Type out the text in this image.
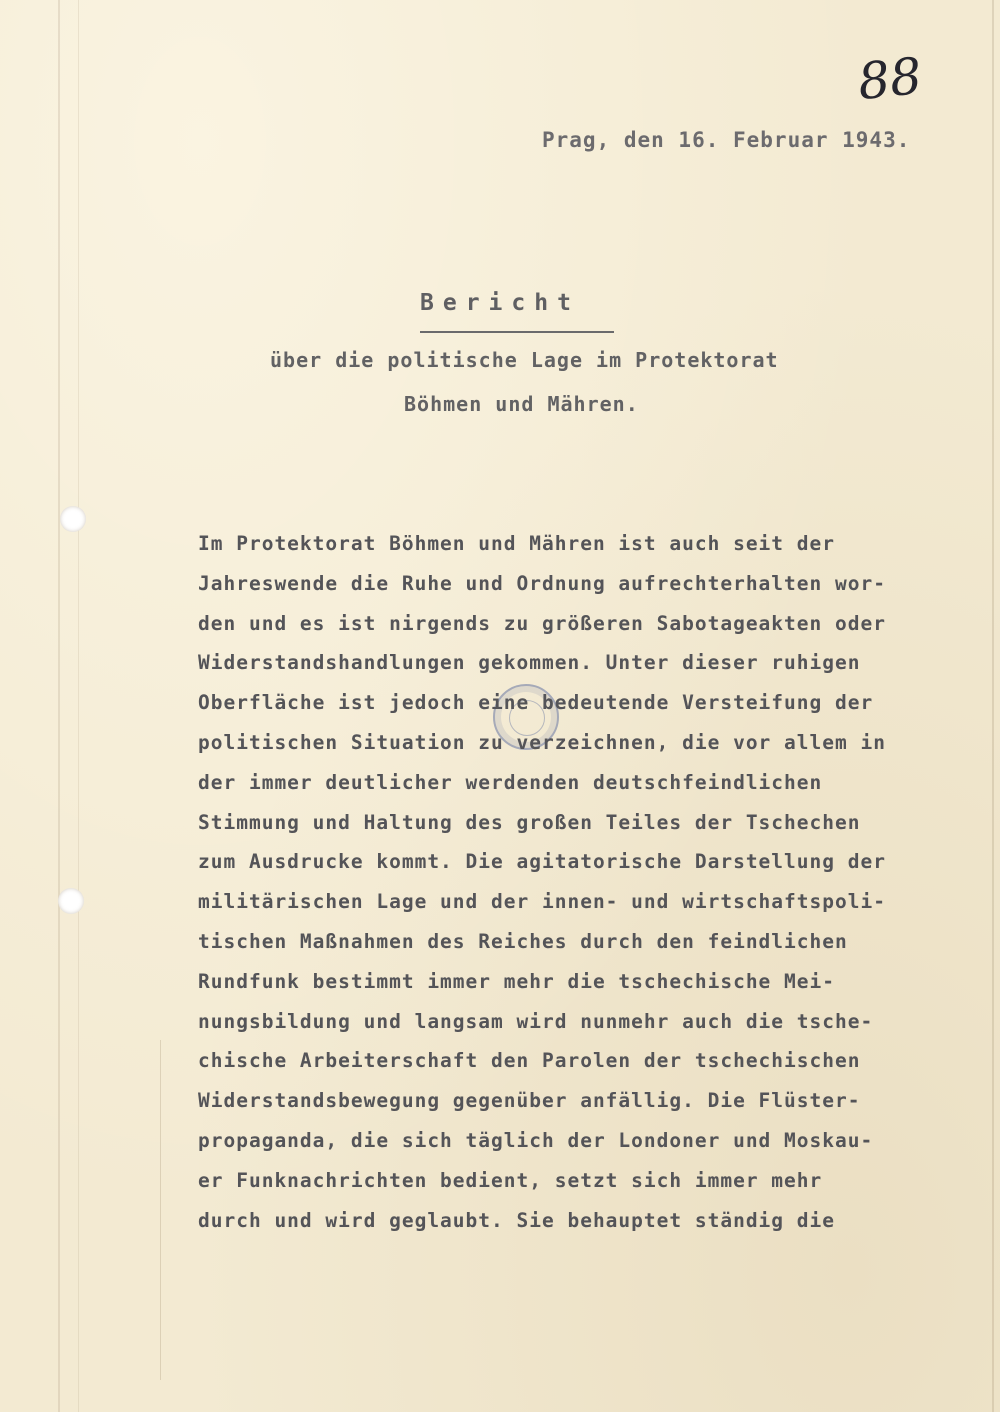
88
Prag, den 16. Februar 1943.
Bericht
über die politische Lage im Protektorat
Böhmen und Mähren.
Im Protektorat Böhmen und Mähren ist auch seit der
Jahreswende die Ruhe und Ordnung aufrechterhalten wor-
den und es ist nirgends zu größeren Sabotageakten oder
Widerstandshandlungen gekommen. Unter dieser ruhigen
Oberfläche ist jedoch eine bedeutende Versteifung der
politischen Situation zu verzeichnen, die vor allem in
der immer deutlicher werdenden deutschfeindlichen
Stimmung und Haltung des großen Teiles der Tschechen
zum Ausdrucke kommt. Die agitatorische Darstellung der
militärischen Lage und der innen- und wirtschaftspoli-
tischen Maßnahmen des Reiches durch den feindlichen
Rundfunk bestimmt immer mehr die tschechische Mei-
nungsbildung und langsam wird nunmehr auch die tsche-
chische Arbeiterschaft den Parolen der tschechischen
Widerstandsbewegung gegenüber anfällig. Die Flüster-
propaganda, die sich täglich der Londoner und Moskau-
er Funknachrichten bedient, setzt sich immer mehr
durch und wird geglaubt. Sie behauptet ständig die
